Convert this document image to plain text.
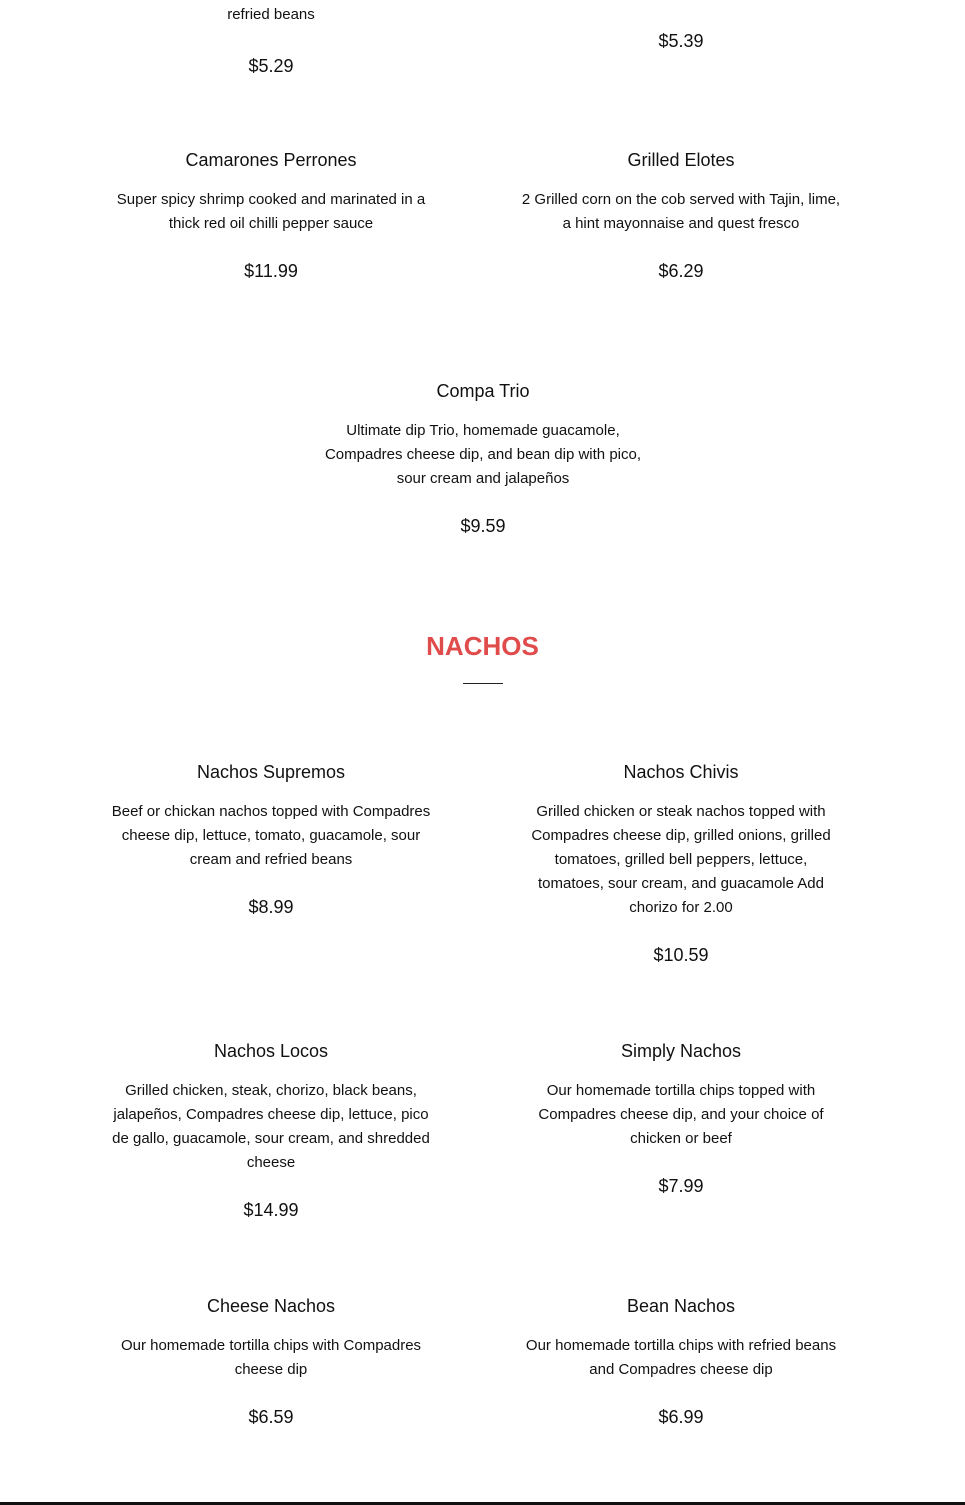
refried beans

$5.29

$5.39

Camarones Perrones

Super spicy shrimp cooked and marinated in a thick red oil chilli pepper sauce

$11.99

Grilled Elotes

2 Grilled corn on the cob served with Tajin, lime, a hint mayonnaise and quest fresco

$6.29

Compa Trio

Ultimate dip Trio, homemade guacamole, Compadres cheese dip, and bean dip with pico, sour cream and jalapeños

$9.59

NACHOS
Nachos Supremos

Beef or chickan nachos topped with Compadres cheese dip, lettuce, tomato, guacamole, sour cream and refried beans

$8.99

Nachos Chivis

Grilled chicken or steak nachos topped with Compadres cheese dip, grilled onions, grilled tomatoes, grilled bell peppers, lettuce, tomatoes, sour cream, and guacamole Add chorizo for 2.00

$10.59

Nachos Locos

Grilled chicken, steak, chorizo, black beans, jalapeños, Compadres cheese dip, lettuce, pico de gallo, guacamole, sour cream, and shredded cheese

$14.99

Simply Nachos

Our homemade tortilla chips topped with Compadres cheese dip, and your choice of chicken or beef

$7.99

Cheese Nachos

Our homemade tortilla chips with Compadres cheese dip

$6.59

Bean Nachos

Our homemade tortilla chips with refried beans and Compadres cheese dip

$6.99
